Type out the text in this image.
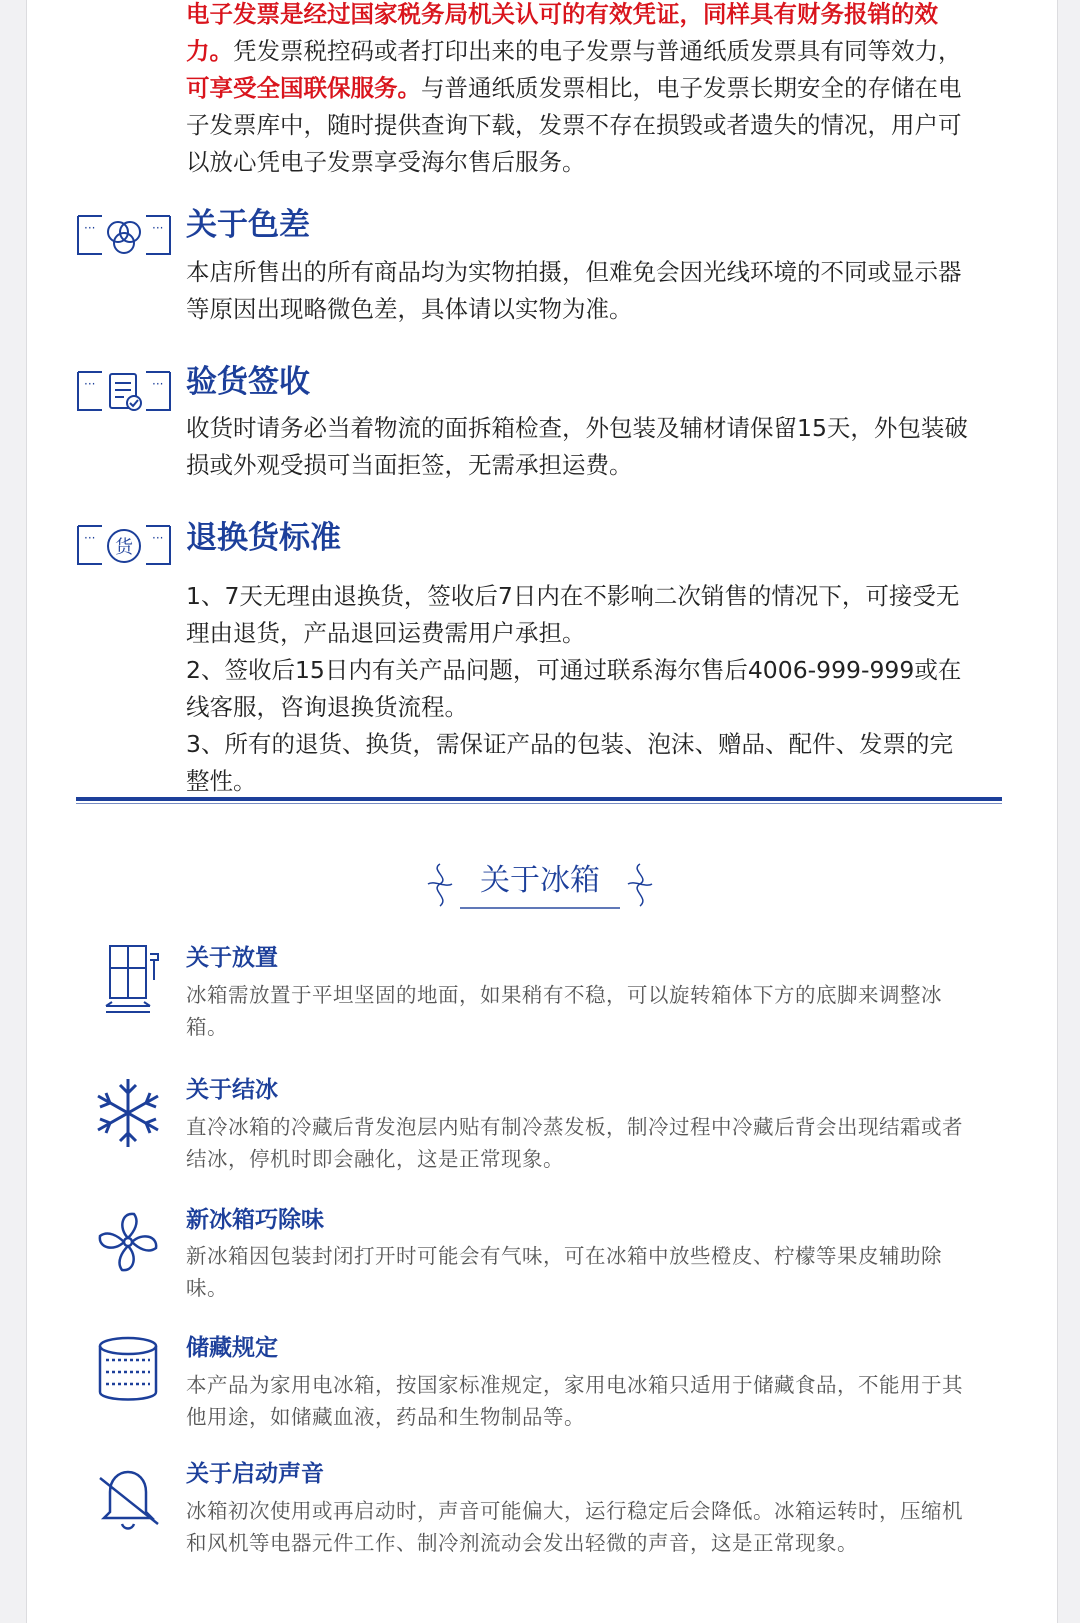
电子发票是经过国家税务局机关认可的有效凭证，同样具有财务报销的效力。凭发票税控码或者打印出来的电子发票与普通纸质发票具有同等效力，可享受全国联保服务。与普通纸质发票相比，电子发票长期安全的存储在电子发票库中，随时提供查询下载，发票不存在损毁或者遗失的情况，用户可以放心凭电子发票享受海尔售后服务。

···	··· 关于色差

本店所售出的所有商品均为实物拍摄，但难免会因光线环境的不同或显示器等原因出现略微色差，具体请以实物为准。

···	··· 验货签收

收货时请务必当着物流的面拆箱检查，外包装及辅材请保留15天，外包装破损或外观受损可当面拒签，无需承担运费。

···	···
货 退换货标准

1、7天无理由退换货，签收后7日内在不影响二次销售的情况下，可接受无理由退货，产品退回运费需用户承担。

2、签收后15日内有关产品问题，可通过联系海尔售后4006-999-999或在线客服，咨询退换货流程。

3、所有的退货、换货，需保证产品的包装、泡沫、赠品、配件、发票的完整性。

关于冰箱
关于放置

冰箱需放置于平坦坚固的地面，如果稍有不稳，可以旋转箱体下方的底脚来调整冰箱。

关于结冰

直冷冰箱的冷藏后背发泡层内贴有制冷蒸发板，制冷过程中冷藏后背会出现结霜或者结冰，停机时即会融化，这是正常现象。

新冰箱巧除味

新冰箱因包装封闭打开时可能会有气味，可在冰箱中放些橙皮、柠檬等果皮辅助除味。

储藏规定

本产品为家用电冰箱，按国家标准规定，家用电冰箱只适用于储藏食品，不能用于其他用途，如储藏血液，药品和生物制品等。

关于启动声音

冰箱初次使用或再启动时，声音可能偏大，运行稳定后会降低。冰箱运转时，压缩机和风机等电器元件工作、制冷剂流动会发出轻微的声音，这是正常现象。
